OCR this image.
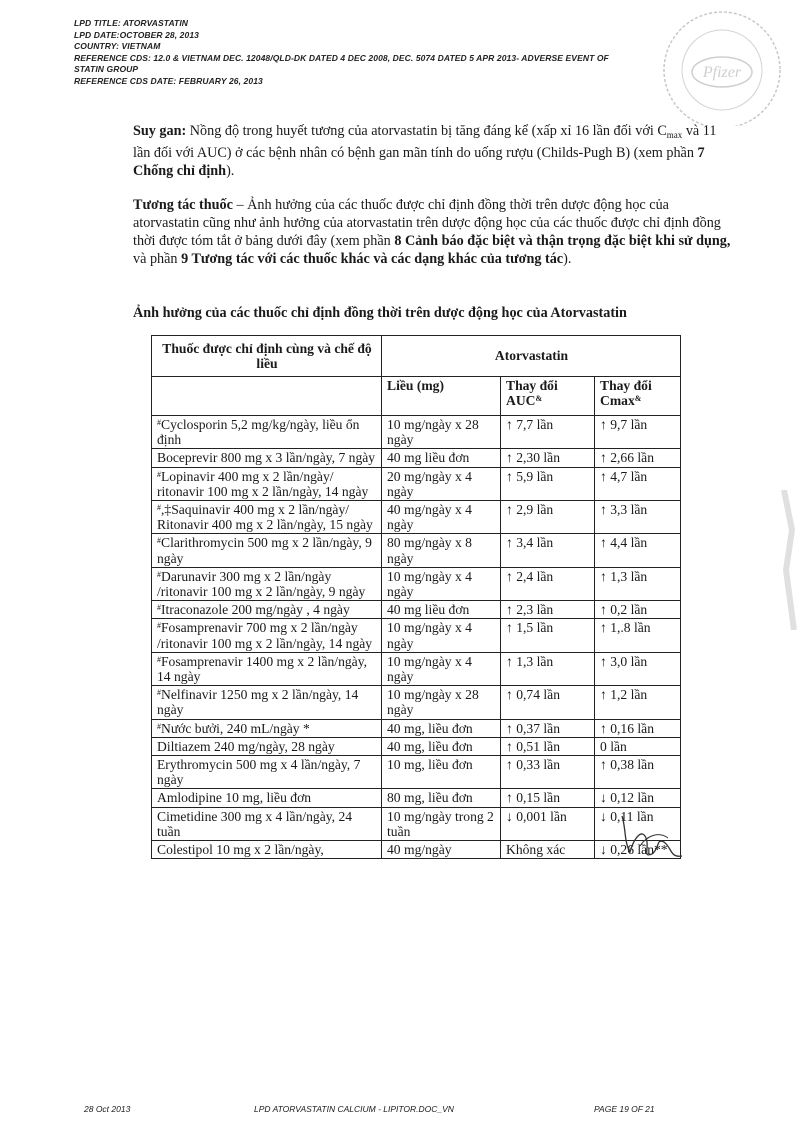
LPD TITLE: ATORVASTATIN
LPD DATE:OCTOBER 28, 2013
COUNTRY: VIETNAM
REFERENCE CDS: 12.0 & VIETNAM DEC. 12048/QLD-DK DATED 4 DEC 2008, DEC. 5074 DATED 5 APR 2013- ADVERSE EVENT OF
STATIN GROUP
REFERENCE CDS DATE: FEBRUARY 26, 2013	Pfizer
Suy gan: Nồng độ trong huyết tương của atorvastatin bị tăng đáng kể (xấp xỉ 16 lần đối với $C_{max}$ và 11 lần đối với AUC) ở các bệnh nhân có bệnh gan mãn tính do uống rượu (Childs-Pugh B) (xem phần 7 Chống chỉ định).
Tương tác thuốc – Ảnh hưởng của các thuốc được chỉ định đồng thời trên dược động học của atorvastatin cũng như ảnh hưởng của atorvastatin trên dược động học của các thuốc được chỉ định đồng thời được tóm tắt ở bảng dưới đây (xem phần 8 Cảnh báo đặc biệt và thận trọng đặc biệt khi sử dụng, và phần 9 Tương tác với các thuốc khác và các dạng khác của tương tác).
Ảnh hưởng của các thuốc chỉ định đồng thời trên dược động học của Atorvastatin
Thuốc được chỉ định cùng và chế độ liều	Atorvastatin		
	Liều (mg)	Thay đổi AUC&	Thay đổi Cmax&
#Cyclosporin 5,2 mg/kg/ngày, liều ổn định	10 mg/ngày x 28 ngày	↑ 7,7 lần	↑ 9,7 lần
Boceprevir 800 mg x 3 lần/ngày, 7 ngày	40 mg liều đơn	↑ 2,30 lần	↑ 2,66 lần
#Lopinavir 400 mg x 2 lần/ngày/ ritonavir 100 mg x 2 lần/ngày, 14 ngày	20 mg/ngày x 4 ngày	↑ 5,9 lần	↑ 4,7 lần
#,‡Saquinavir 400 mg x 2 lần/ngày/ Ritonavir 400 mg x 2 lần/ngày, 15 ngày	40 mg/ngày x 4 ngày	↑ 2,9 lần	↑ 3,3 lần
#Clarithromycin 500 mg x 2 lần/ngày, 9 ngày	80 mg/ngày x 8 ngày	↑ 3,4 lần	↑ 4,4 lần
#Darunavir 300 mg x 2 lần/ngày /ritonavir 100 mg x 2 lần/ngày, 9 ngày	10 mg/ngày x 4 ngày	↑ 2,4 lần	↑ 1,3 lần
#Itraconazole 200 mg/ngày , 4 ngày	40 mg liều đơn	↑ 2,3 lần	↑ 0,2 lần
#Fosamprenavir 700 mg x 2 lần/ngày /ritonavir 100 mg x 2 lần/ngày, 14 ngày	10 mg/ngày x 4 ngày	↑ 1,5 lần	↑ 1,.8 lần
#Fosamprenavir 1400 mg x 2 lần/ngày, 14 ngày	10 mg/ngày x 4 ngày	↑ 1,3 lần	↑ 3,0 lần
#Nelfinavir 1250 mg x 2 lần/ngày, 14 ngày	10 mg/ngày x 28 ngày	↑ 0,74 lần	↑ 1,2 lần
#Nước bưởi, 240 mL/ngày *	40 mg, liều đơn	↑ 0,37 lần	↑ 0,16 lần
Diltiazem 240 mg/ngày, 28 ngày	40 mg, liều đơn	↑ 0,51 lần	0 lần
Erythromycin 500 mg x 4 lần/ngày, 7 ngày	10 mg, liều đơn	↑ 0,33 lần	↑ 0,38 lần
Amlodipine 10 mg, liều đơn	80 mg, liều đơn	↑ 0,15 lần	↓ 0,12 lần
Cimetidine 300 mg x 4 lần/ngày, 24 tuần	10 mg/ngày trong 2 tuần	↓ 0,001 lần	↓ 0,11 lần
Colestipol 10 mg x 2 lần/ngày,	40 mg/ngày	Không xác	↓ 0,26 lần**
28 Oct 2013	LPD ATORVASTATIN CALCIUM - LIPITOR.DOC_VN	PAGE 19 OF 21
